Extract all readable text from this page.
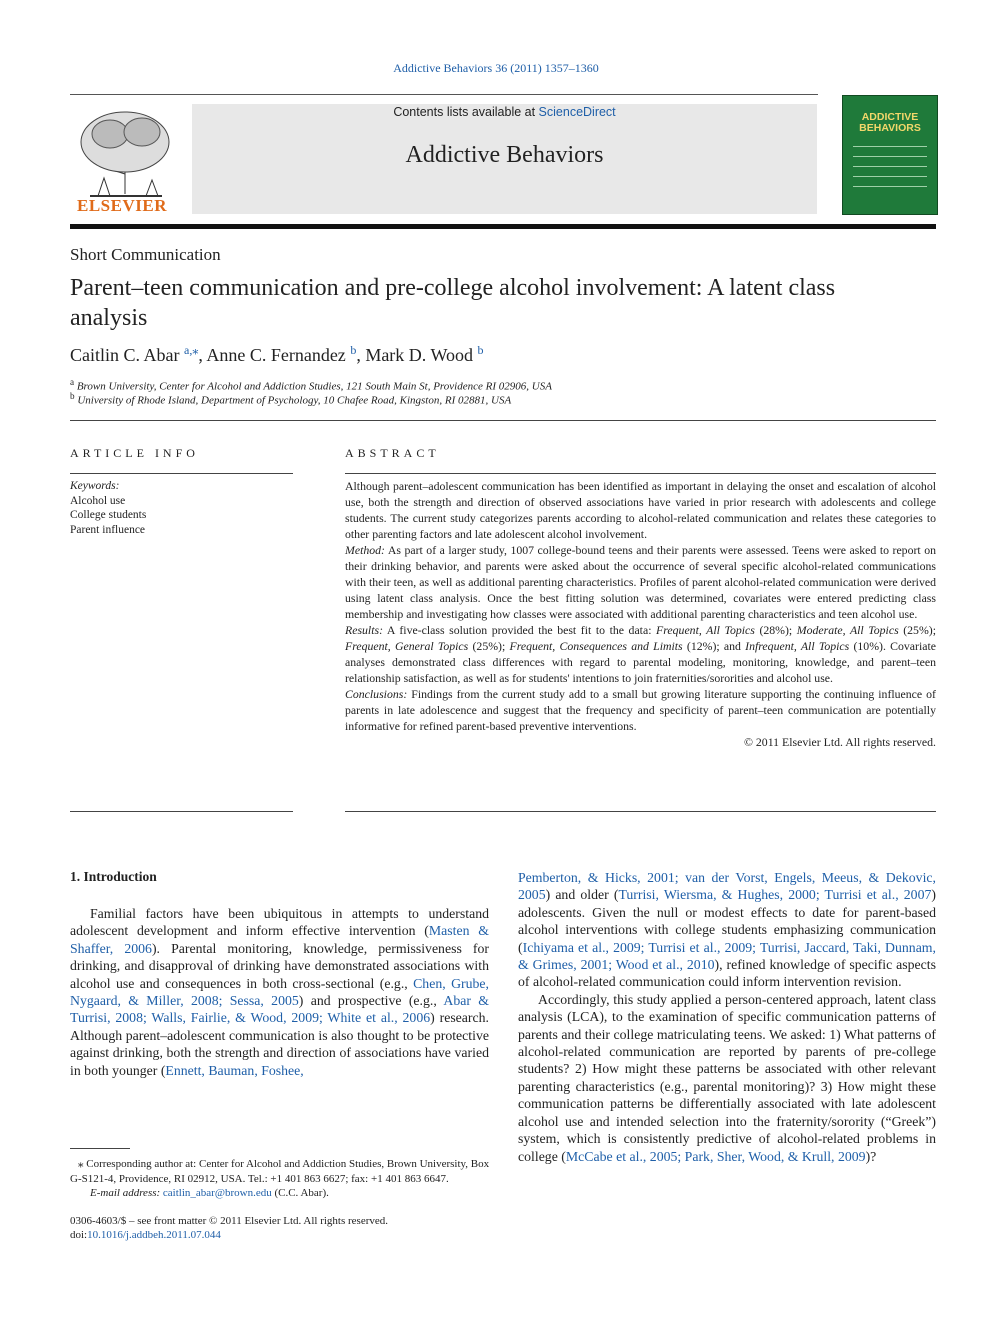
Addictive Behaviors 36 (2011) 1357–1360
ELSEVIER
Contents lists available at ScienceDirect
Addictive Behaviors
ADDICTIVE BEHAVIORS
Short Communication
Parent–teen communication and pre-college alcohol involvement: A latent class analysis
Caitlin C. Abar $^{a,⁎}$, Anne C. Fernandez $^b$, Mark D. Wood $^b$
$^a$ Brown University, Center for Alcohol and Addiction Studies, 121 South Main St, Providence RI 02906, USA
$^b$ University of Rhode Island, Department of Psychology, 10 Chafee Road, Kingston, RI 02881, USA
ARTICLE INFO
Keywords:
Alcohol use
College students
Parent influence
ABSTRACT

Although parent–adolescent communication has been identified as important in delaying the onset and escalation of alcohol use, both the strength and direction of observed associations have varied in prior research with adolescents and college students. The current study categorizes parents according to alcohol-related communication and relates these categories to other parenting factors and late adolescent alcohol involvement.

Method: As part of a larger study, 1007 college-bound teens and their parents were assessed. Teens were asked to report on their drinking behavior, and parents were asked about the occurrence of several specific alcohol-related communications with their teen, as well as additional parenting characteristics. Profiles of parent alcohol-related communication were derived using latent class analysis. Once the best fitting solution was determined, covariates were entered predicting class membership and investigating how classes were associated with additional parenting characteristics and teen alcohol use.

Results: A five-class solution provided the best fit to the data: Frequent, All Topics (28%); Moderate, All Topics (25%); Frequent, General Topics (25%); Frequent, Consequences and Limits (12%); and Infrequent, All Topics (10%). Covariate analyses demonstrated class differences with regard to parental modeling, monitoring, knowledge, and parent–teen relationship satisfaction, as well as for students' intentions to join fraternities/sororities and alcohol use.

Conclusions: Findings from the current study add to a small but growing literature supporting the continuing influence of parents in late adolescence and suggest that the frequency and specificity of parent–teen communication are potentially informative for refined parent-based preventive interventions.

© 2011 Elsevier Ltd. All rights reserved.

1. Introduction

Familial factors have been ubiquitous in attempts to understand adolescent development and inform effective intervention (Masten & Shaffer, 2006). Parental monitoring, knowledge, permissiveness for drinking, and disapproval of drinking have demonstrated associations with alcohol use and consequences in both cross-sectional (e.g., Chen, Grube, Nygaard, & Miller, 2008; Sessa, 2005) and prospective (e.g., Abar & Turrisi, 2008; Walls, Fairlie, & Wood, 2009; White et al., 2006) research. Although parent–adolescent communication is also thought to be protective against drinking, both the strength and direction of associations have varied in both younger (Ennett, Bauman, Foshee,

Pemberton, & Hicks, 2001; van der Vorst, Engels, Meeus, & Dekovic, 2005) and older (Turrisi, Wiersma, & Hughes, 2000; Turrisi et al., 2007) adolescents. Given the null or modest effects to date for parent-based alcohol interventions with college students emphasizing communication (Ichiyama et al., 2009; Turrisi et al., 2009; Turrisi, Jaccard, Taki, Dunnam, & Grimes, 2001; Wood et al., 2010), refined knowledge of specific aspects of alcohol-related communication could inform intervention revision.

Accordingly, this study applied a person-centered approach, latent class analysis (LCA), to the examination of specific communication patterns of parents and their college matriculating teens. We asked: 1) What patterns of alcohol-related communication are reported by parents of pre-college students? 2) How might these patterns be associated with other relevant parenting characteristics (e.g., parental monitoring)? 3) How might these communication patterns be differentially associated with late adolescent alcohol use and intended selection into the fraternity/sorority (“Greek”) system, which is consistently predictive of alcohol-related problems in college (McCabe et al., 2005; Park, Sher, Wood, & Krull, 2009)?

⁎ Corresponding author at: Center for Alcohol and Addiction Studies, Brown University, Box G-S121-4, Providence, RI 02912, USA. Tel.: +1 401 863 6627; fax: +1 401 863 6647.
E-mail address: caitlin_abar@brown.edu (C.C. Abar).
0306-4603/$ – see front matter © 2011 Elsevier Ltd. All rights reserved.
doi:10.1016/j.addbeh.2011.07.044
